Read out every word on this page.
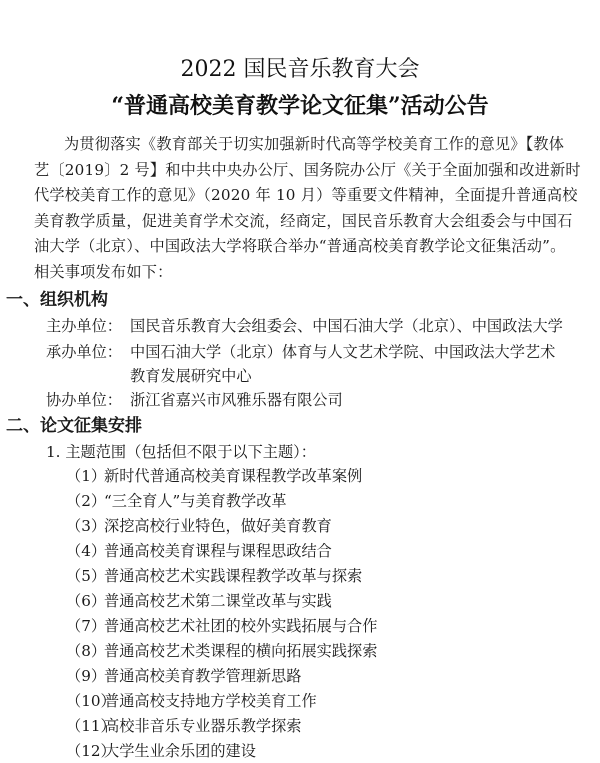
2022 国民音乐教育大会
“普通高校美育教学论文征集”活动公告
为贯彻落实《教育部关于切实加强新时代高等学校美育工作的意见》【教体
艺〔2019〕2 号】和中共中央办公厅、国务院办公厅《关于全面加强和改进新时
代学校美育工作的意见》（2020 年 10 月）等重要文件精神，全面提升普通高校
美育教学质量，促进美育学术交流，经商定，国民音乐教育大会组委会与中国石
油大学（北京）、中国政法大学将联合举办“普通高校美育教学论文征集活动”。
相关事项发布如下：
一、组织机构
主办单位： 国民音乐教育大会组委会、中国石油大学（北京）、中国政法大学
承办单位： 中国石油大学（北京）体育与人文艺术学院、中国政法大学艺术
教育发展研究中心
协办单位： 浙江省嘉兴市风雅乐器有限公司
二、论文征集安排
1. 主题范围（包括但不限于以下主题）：
（1）新时代普通高校美育课程教学改革案例
（2）“三全育人”与美育教学改革
（3）深挖高校行业特色，做好美育教育
（4）普通高校美育课程与课程思政结合
（5）普通高校艺术实践课程教学改革与探索
（6）普通高校艺术第二课堂改革与实践
（7）普通高校艺术社团的校外实践拓展与合作
（8）普通高校艺术类课程的横向拓展实践探索
（9）普通高校美育教学管理新思路
（10）普通高校支持地方学校美育工作
（11）高校非音乐专业器乐教学探索
（12）大学生业余乐团的建设
